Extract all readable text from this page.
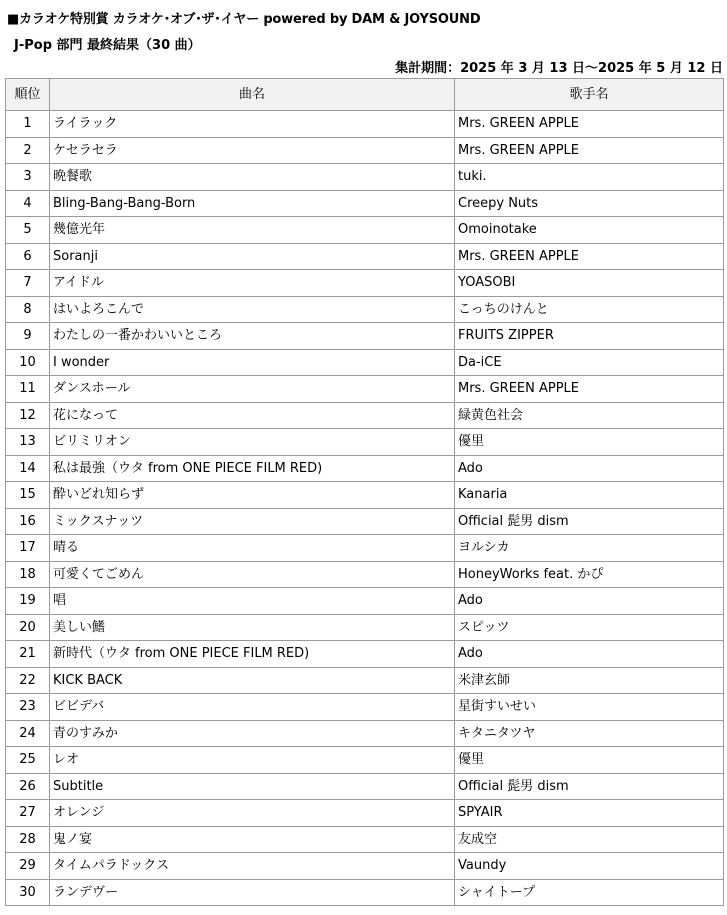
■カラオケ特別賞 カラオケ･オブ･ザ･イヤー powered by DAM & JOYSOUND
J-Pop 部門 最終結果（30 曲）
集計期間：2025 年 3 月 13 日～2025 年 5 月 12 日
順位	曲名	歌手名
1	ライラック	Mrs. GREEN APPLE
2	ケセラセラ	Mrs. GREEN APPLE
3	晩餐歌	tuki.
4	Bling-Bang-Bang-Born	Creepy Nuts
5	幾億光年	Omoinotake
6	Soranji	Mrs. GREEN APPLE
7	アイドル	YOASOBI
8	はいよろこんで	こっちのけんと
9	わたしの一番かわいいところ	FRUITS ZIPPER
10	I wonder	Da-iCE
11	ダンスホール	Mrs. GREEN APPLE
12	花になって	緑黄色社会
13	ビリミリオン	優里
14	私は最強（ウタ from ONE PIECE FILM RED)	Ado
15	酔いどれ知らず	Kanaria
16	ミックスナッツ	Official 髭男 dism
17	晴る	ヨルシカ
18	可愛くてごめん	HoneyWorks feat. かぴ
19	唱	Ado
20	美しい鰭	スピッツ
21	新時代（ウタ from ONE PIECE FILM RED)	Ado
22	KICK BACK	米津玄師
23	ビビデバ	星街すいせい
24	青のすみか	キタニタツヤ
25	レオ	優里
26	Subtitle	Official 髭男 dism
27	オレンジ	SPYAIR
28	鬼ノ宴	友成空
29	タイムパラドックス	Vaundy
30	ランデヴー	シャイトープ
